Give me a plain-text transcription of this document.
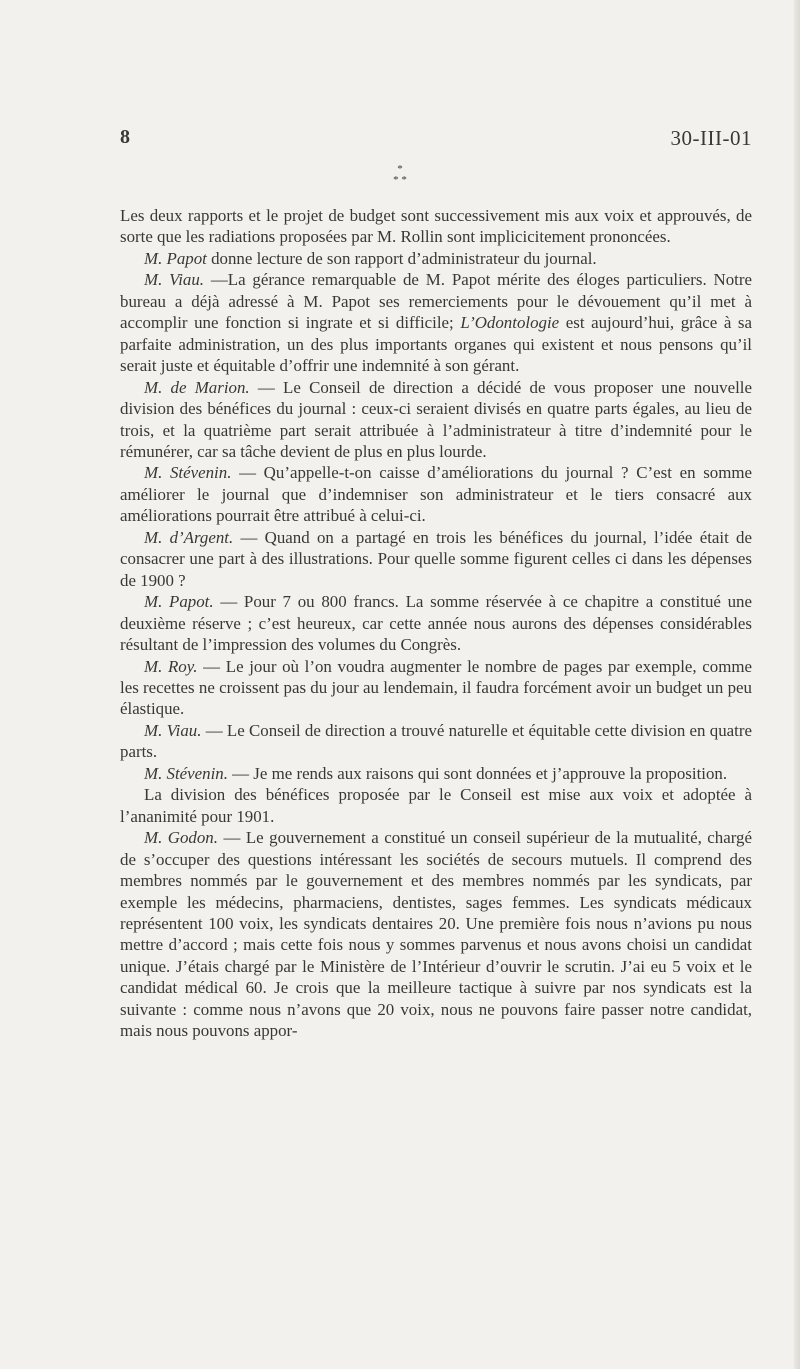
8	30-III-01
*
* *

Les deux rapports et le projet de budget sont successivement mis aux voix et approuvés, de sorte que les radiations proposées par M. Rollin sont implicicitement prononcées.

M. Papot donne lecture de son rapport d’administrateur du journal.

M. Viau. —La gérance remarquable de M. Papot mérite des éloges particuliers. Notre bureau a déjà adressé à M. Papot ses remerciements pour le dévouement qu’il met à accomplir une fonction si ingrate et si difficile; L’Odontologie est aujourd’hui, grâce à sa parfaite administration, un des plus importants organes qui existent et nous pensons qu’il serait juste et équitable d’offrir une indemnité à son gérant.

M. de Marion. — Le Conseil de direction a décidé de vous proposer une nouvelle division des bénéfices du journal : ceux-ci seraient divisés en quatre parts égales, au lieu de trois, et la quatrième part serait attribuée à l’administrateur à titre d’indemnité pour le rémunérer, car sa tâche devient de plus en plus lourde.

M. Stévenin. — Qu’appelle-t-on caisse d’améliorations du journal ? C’est en somme améliorer le journal que d’indemniser son administrateur et le tiers consacré aux améliorations pourrait être attribué à celui-ci.

M. d’Argent. — Quand on a partagé en trois les bénéfices du journal, l’idée était de consacrer une part à des illustrations. Pour quelle somme figurent celles ci dans les dépenses de 1900 ?

M. Papot. — Pour 7 ou 800 francs. La somme réservée à ce chapitre a constitué une deuxième réserve ; c’est heureux, car cette année nous aurons des dépenses considérables résultant de l’impression des volumes du Congrès.

M. Roy. — Le jour où l’on voudra augmenter le nombre de pages par exemple, comme les recettes ne croissent pas du jour au lendemain, il faudra forcément avoir un budget un peu élastique.

M. Viau. — Le Conseil de direction a trouvé naturelle et équitable cette division en quatre parts.

M. Stévenin. — Je me rends aux raisons qui sont données et j’approuve la proposition.

La division des bénéfices proposée par le Conseil est mise aux voix et adoptée à l’ananimité pour 1901.

M. Godon. — Le gouvernement a constitué un conseil supérieur de la mutualité, chargé de s’occuper des questions intéressant les sociétés de secours mutuels. Il comprend des membres nommés par le gouvernement et des membres nommés par les syndicats, par exemple les médecins, pharmaciens, dentistes, sages femmes. Les syndicats médicaux représentent 100 voix, les syndicats dentaires 20. Une première fois nous n’avions pu nous mettre d’accord ; mais cette fois nous y sommes parvenus et nous avons choisi un candidat unique. J’étais chargé par le Ministère de l’Intérieur d’ouvrir le scrutin. J’ai eu 5 voix et le candidat médical 60. Je crois que la meilleure tactique à suivre par nos syndicats est la suivante : comme nous n’avons que 20 voix, nous ne pouvons faire passer notre candidat, mais nous pouvons appor-
